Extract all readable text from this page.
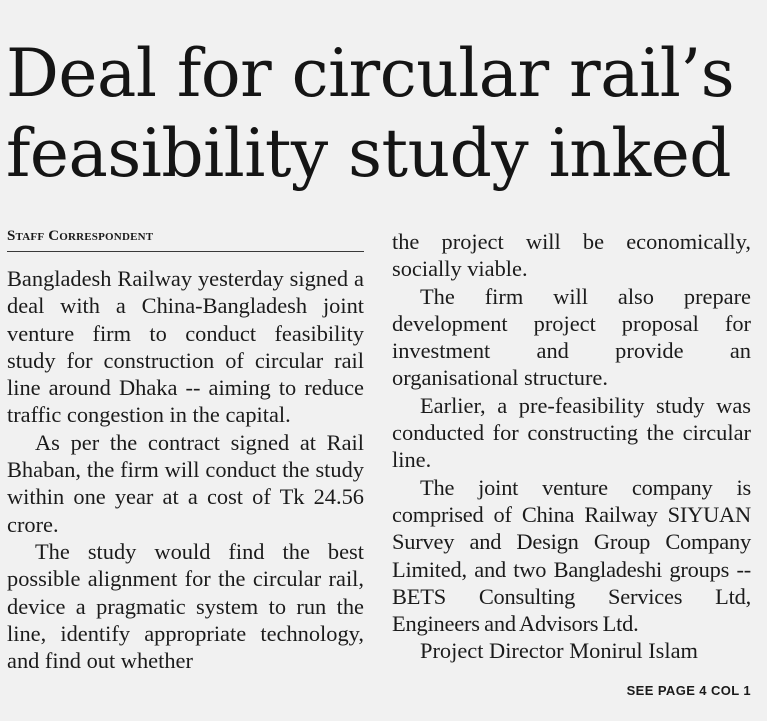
Deal for circular rail’s
feasibility study inked
Staff Correspondent

Bangladesh Railway yesterday signed a deal with a China-Bangladesh joint venture firm to conduct feasibility study for construction of circular rail line around Dhaka -- aiming to reduce traffic congestion in the capital.

As per the contract signed at Rail Bhaban, the firm will conduct the study within one year at a cost of Tk 24.56 crore.

The study would find the best possible alignment for the circular rail, device a pragmatic system to run the line, identify appropriate technology, and find out whether

the project will be economically, socially viable.

The firm will also prepare development project proposal for investment and provide an organisational structure.

Earlier, a pre-feasibility study was conducted for constructing the circular line.

The joint venture company is comprised of China Railway SIYUAN Survey and Design Group Company Limited, and two Bangladeshi groups -- BETS Consulting Services Ltd, Engineers and Advisors Ltd.

Project Director Monirul Islam

SEE PAGE 4 COL 1
